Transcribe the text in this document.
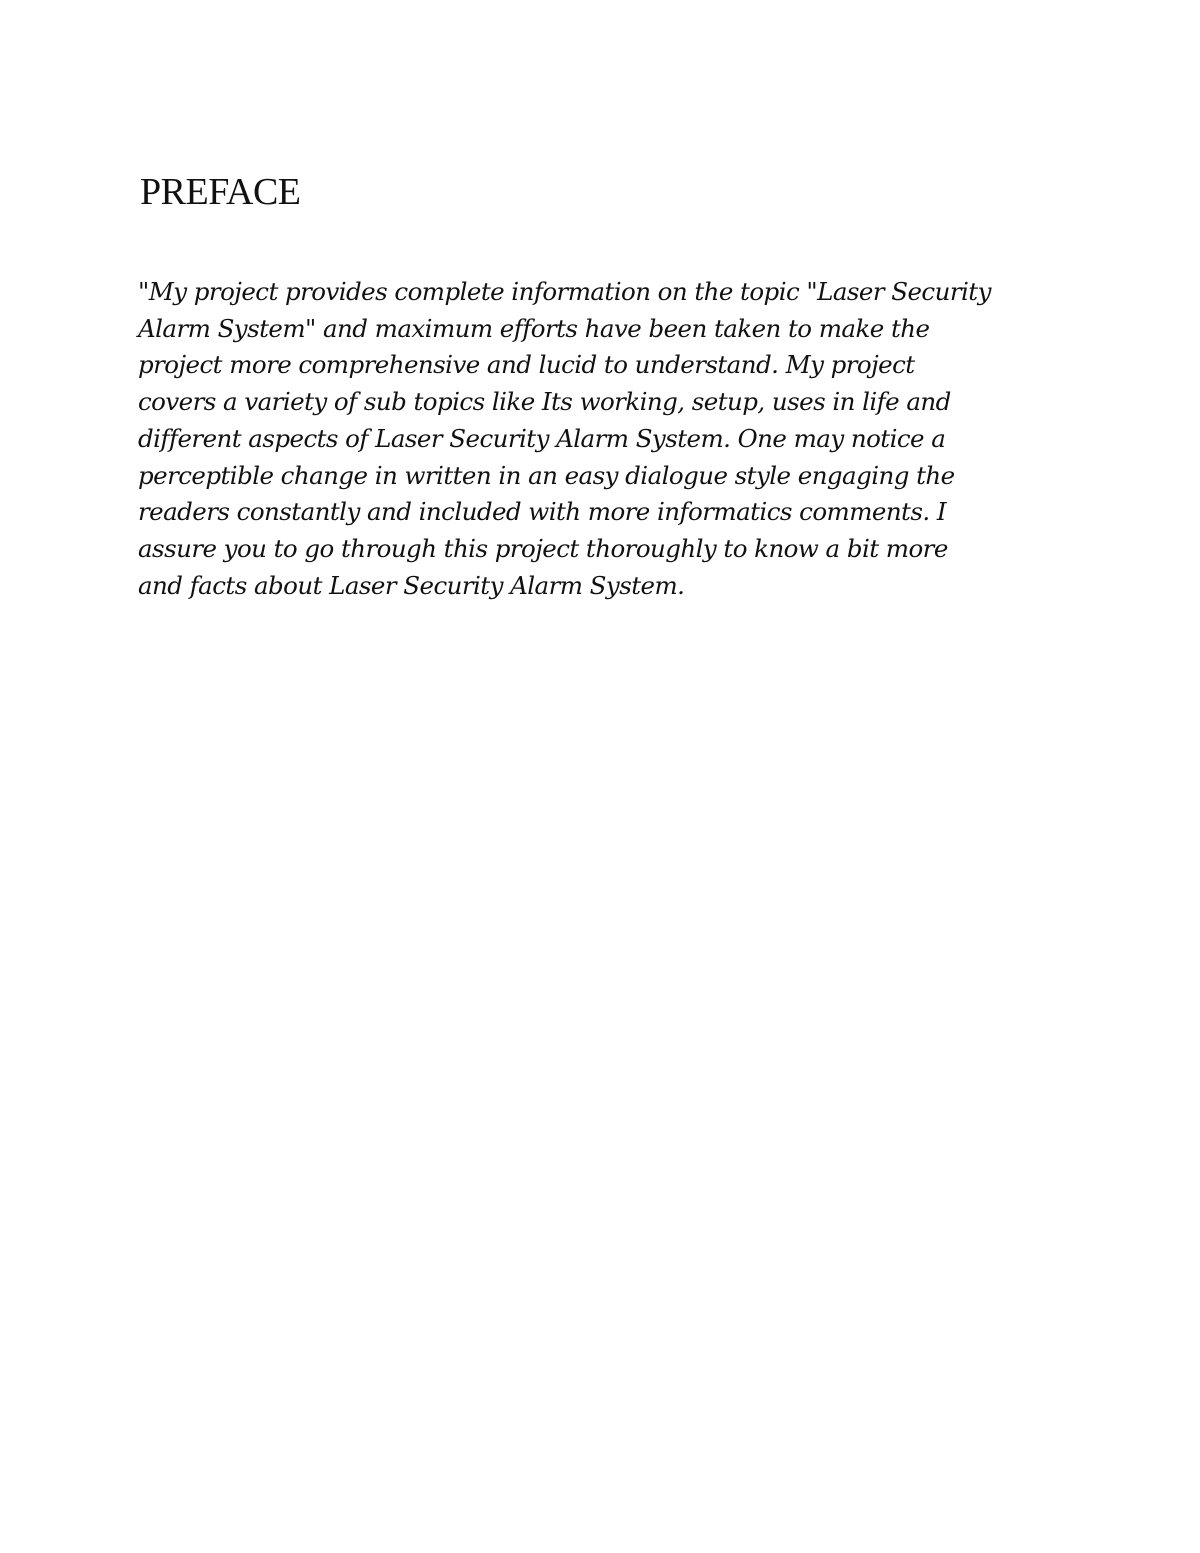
PREFACE

"My project provides complete information on the topic "Laser Security
Alarm System" and maximum efforts have been taken to make the
project more comprehensive and lucid to understand. My project
covers a variety of sub topics like Its working, setup, uses in life and
different aspects of Laser Security Alarm System. One may notice a
perceptible change in written in an easy dialogue style engaging the
readers constantly and included with more informatics comments. I
assure you to go through this project thoroughly to know a bit more
and facts about Laser Security Alarm System.
